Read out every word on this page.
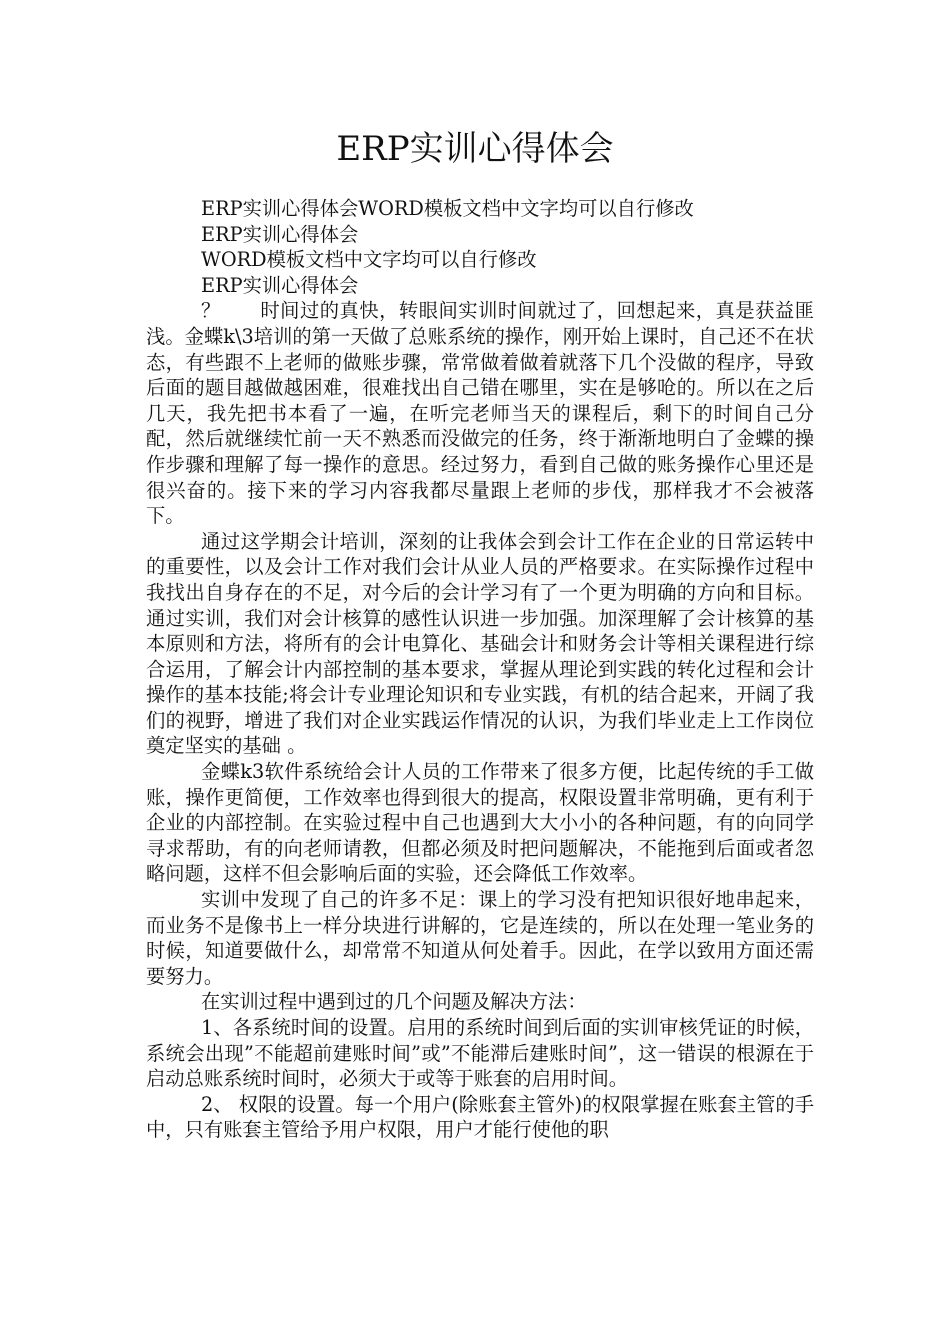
ERP实训心得体会

ERP实训心得体会WORD模板文档中文字均可以自行修改

ERP实训心得体会

WORD模板文档中文字均可以自行修改

ERP实训心得体会

？　　时间过的真快，转眼间实训时间就过了，回想起来，真是获益匪浅。金蝶k\3培训的第一天做了总账系统的操作，刚开始上课时，自己还不在状态，有些跟不上老师的做账步骤，常常做着做着就落下几个没做的程序，导致后面的题目越做越困难，很难找出自己错在哪里，实在是够呛的。所以在之后几天，我先把书本看了一遍，在听完老师当天的课程后，剩下的时间自己分配，然后就继续忙前一天不熟悉而没做完的任务，终于渐渐地明白了金蝶的操作步骤和理解了每一操作的意思。经过努力，看到自己做的账务操作心里还是很兴奋的。接下来的学习内容我都尽量跟上老师的步伐，那样我才不会被落下。

通过这学期会计培训，深刻的让我体会到会计工作在企业的日常运转中的重要性，以及会计工作对我们会计从业人员的严格要求。在实际操作过程中我找出自身存在的不足，对今后的会计学习有了一个更为明确的方向和目标。通过实训，我们对会计核算的感性认识进一步加强。加深理解了会计核算的基本原则和方法，将所有的会计电算化、基础会计和财务会计等相关课程进行综合运用，了解会计内部控制的基本要求，掌握从理论到实践的转化过程和会计操作的基本技能;将会计专业理论知识和专业实践，有机的结合起来，开阔了我们的视野，增进了我们对企业实践运作情况的认识，为我们毕业走上工作岗位奠定坚实的基础 。

金蝶k3软件系统给会计人员的工作带来了很多方便，比起传统的手工做账，操作更简便，工作效率也得到很大的提高，权限设置非常明确，更有利于企业的内部控制。在实验过程中自己也遇到大大小小的各种问题，有的向同学寻求帮助，有的向老师请教，但都必须及时把问题解决，不能拖到后面或者忽略问题，这样不但会影响后面的实验，还会降低工作效率。

实训中发现了自己的许多不足：课上的学习没有把知识很好地串起来，而业务不是像书上一样分块进行讲解的，它是连续的，所以在处理一笔业务的时候，知道要做什么，却常常不知道从何处着手。因此，在学以致用方面还需要努力。

在实训过程中遇到过的几个问题及解决方法：

1、各系统时间的设置。启用的系统时间到后面的实训审核凭证的时候，系统会出现”不能超前建账时间”或”不能滞后建账时间”，这一错误的根源在于启动总账系统时间时，必须大于或等于账套的启用时间。

2、 权限的设置。每一个用户(除账套主管外)的权限掌握在账套主管的手中，只有账套主管给予用户权限，用户才能行使他的职
